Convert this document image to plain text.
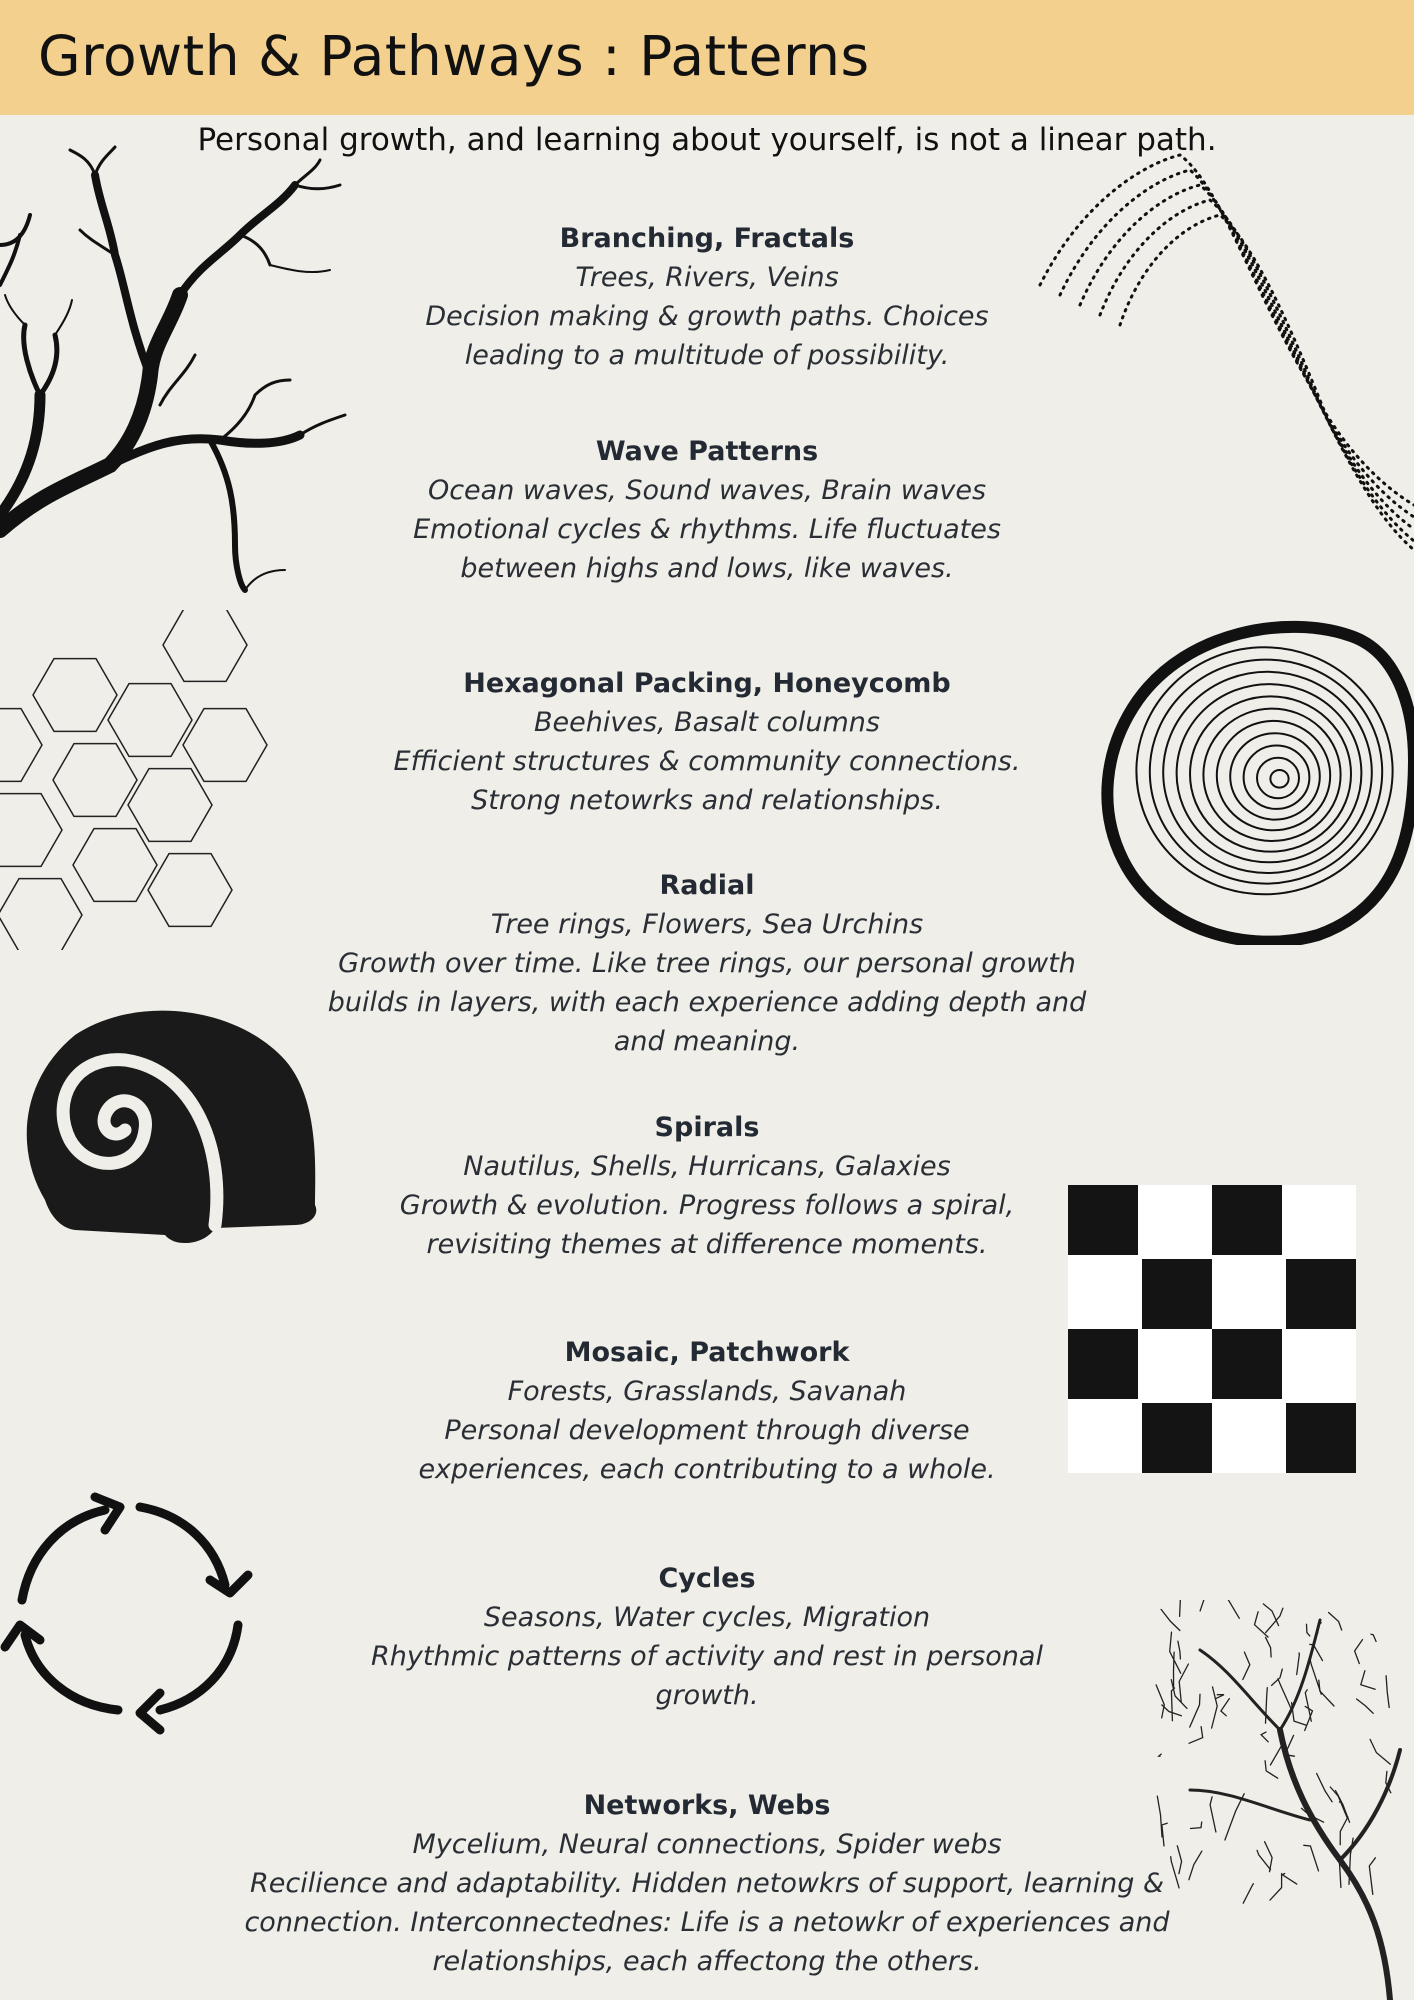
Growth & Pathways : Patterns
Personal growth, and learning about yourself, is not a linear path.
Branching, Fractals

Trees, Rivers, Veins

Decision making & growth paths. Choices

leading to a multitude of possibility.

Wave Patterns

Ocean waves, Sound waves, Brain waves

Emotional cycles & rhythms. Life fluctuates

between highs and lows, like waves.

Hexagonal Packing, Honeycomb

Beehives, Basalt columns

Efficient structures & community connections.

Strong netowrks and relationships.

Radial

Tree rings, Flowers, Sea Urchins

Growth over time. Like tree rings, our personal growth

builds in layers, with each experience adding depth and

and meaning.

Spirals

Nautilus, Shells, Hurricans, Galaxies

Growth & evolution. Progress follows a spiral,

revisiting themes at difference moments.

Mosaic, Patchwork

Forests, Grasslands, Savanah

Personal development through diverse

experiences, each contributing to a whole.

Cycles

Seasons, Water cycles, Migration

Rhythmic patterns of activity and rest in personal

growth.

Networks, Webs

Mycelium, Neural connections, Spider webs

Recilience and adaptability. Hidden netowkrs of support, learning &

connection. Interconnectednes: Life is a netowkr of experiences and

relationships, each affectong the others.
